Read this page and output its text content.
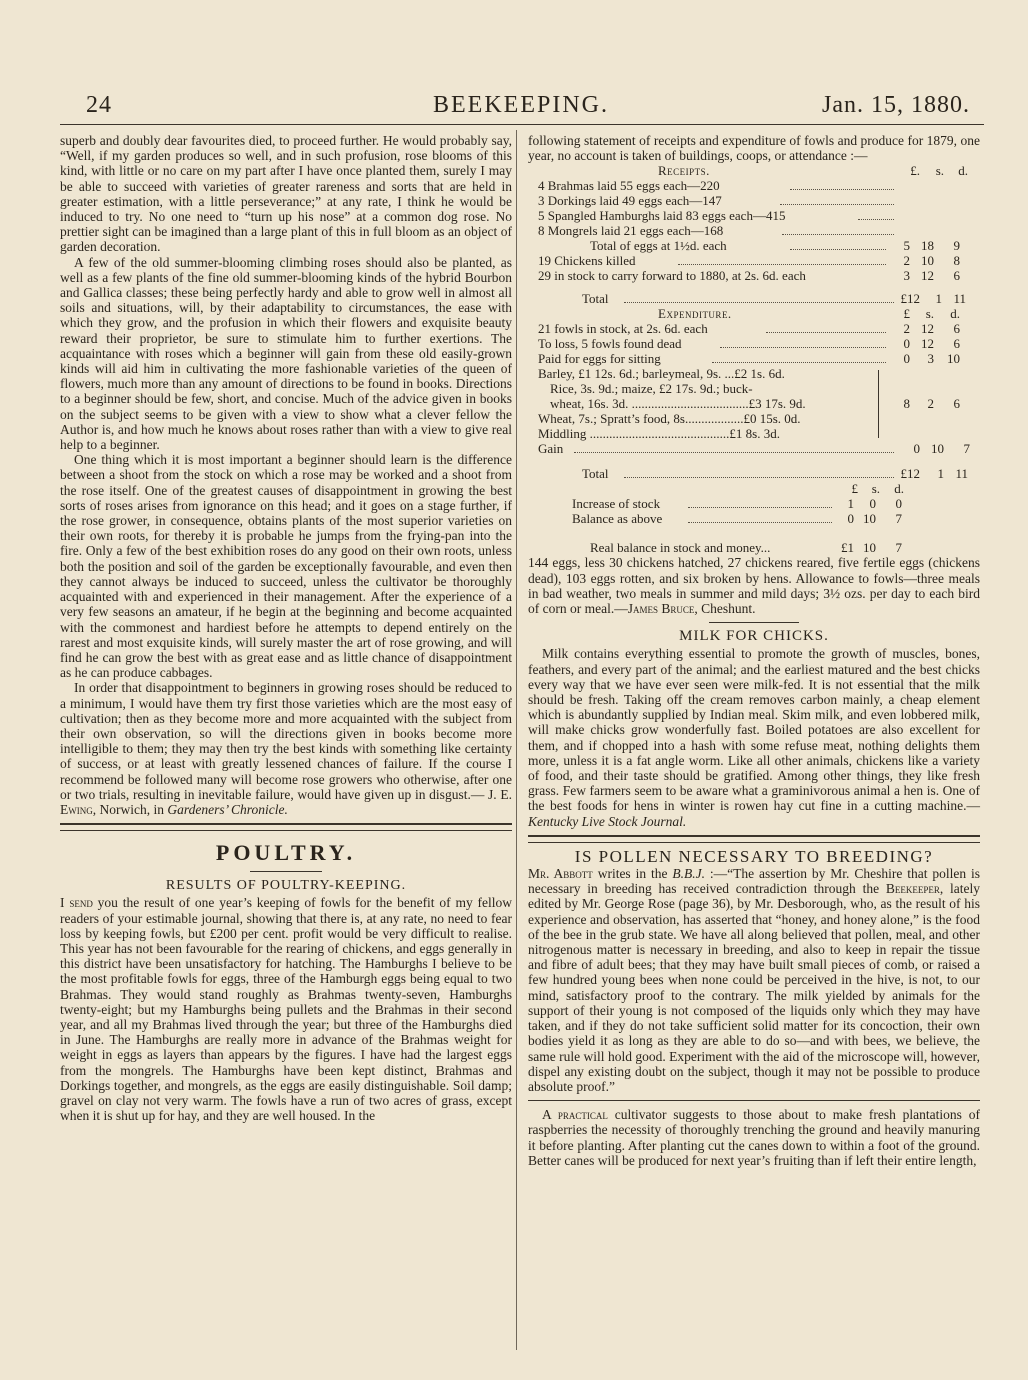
24	BEEKEEPING.	Jan. 15, 1880.

superb and doubly dear favourites died, to proceed further. He would probably say, “Well, if my garden produces so well, and in such profusion, rose blooms of this kind, with little or no care on my part after I have once planted them, surely I may be able to succeed with varieties of greater rareness and sorts that are held in greater estimation, with a little perseverance;” at any rate, I think he would be induced to try. No one need to “turn up his nose” at a common dog rose. No prettier sight can be imagined than a large plant of this in full bloom as an object of garden decoration.

A few of the old summer-blooming climbing roses should also be planted, as well as a few plants of the fine old summer-blooming kinds of the hybrid Bourbon and Gallica classes; these being perfectly hardy and able to grow well in almost all soils and situations, will, by their adaptability to circumstances, the ease with which they grow, and the profusion in which their flowers and exquisite beauty reward their proprietor, be sure to stimulate him to further exertions. The acquaintance with roses which a beginner will gain from these old easily-grown kinds will aid him in cultivating the more fashionable varieties of the queen of flowers, much more than any amount of directions to be found in books. Directions to a beginner should be few, short, and concise. Much of the advice given in books on the subject seems to be given with a view to show what a clever fellow the Author is, and how much he knows about roses rather than with a view to give real help to a beginner.

One thing which it is most important a beginner should learn is the difference between a shoot from the stock on which a rose may be worked and a shoot from the rose itself. One of the greatest causes of disappointment in growing the best sorts of roses arises from ignorance on this head; and it goes on a stage further, if the rose grower, in consequence, obtains plants of the most superior varieties on their own roots, for thereby it is probable he jumps from the frying-pan into the fire. Only a few of the best exhibition roses do any good on their own roots, unless both the position and soil of the garden be exceptionally favourable, and even then they cannot always be induced to succeed, unless the cultivator be thoroughly acquainted with and experienced in their management. After the experience of a very few seasons an amateur, if he begin at the beginning and become acquainted with the commonest and hardiest before he attempts to depend entirely on the rarest and most exquisite kinds, will surely master the art of rose growing, and will find he can grow the best with as great ease and as little chance of disappointment as he can produce cabbages.

In order that disappointment to beginners in growing roses should be reduced to a minimum, I would have them try first those varieties which are the most easy of cultivation; then as they become more and more acquainted with the subject from their own observation, so will the directions given in books become more intelligible to them; they may then try the best kinds with something like certainty of success, or at least with greatly lessened chances of failure. If the course I recommend be followed many will become rose growers who otherwise, after one or two trials, resulting in inevitable failure, would have given up in disgust.— J. E. Ewing, Norwich, in Gardeners’ Chronicle.

POULTRY.
RESULTS OF POULTRY-KEEPING.

I send you the result of one year’s keeping of fowls for the benefit of my fellow readers of your estimable journal, showing that there is, at any rate, no need to fear loss by keeping fowls, but £200 per cent. profit would be very difficult to realise. This year has not been favourable for the rearing of chickens, and eggs generally in this district have been unsatisfactory for hatching. The Hamburghs I believe to be the most profitable fowls for eggs, three of the Hamburgh eggs being equal to two Brahmas. They would stand roughly as Brahmas twenty-seven, Hamburghs twenty-eight; but my Hamburghs being pullets and the Brahmas in their second year, and all my Brahmas lived through the year; but three of the Hamburghs died in June. The Hamburghs are really more in advance of the Brahmas weight for weight in eggs as layers than appears by the figures. I have had the largest eggs from the mongrels. The Hamburghs have been kept distinct, Brahmas and Dorkings together, and mongrels, as the eggs are easily distinguishable. Soil damp; gravel on clay not very warm. The fowls have a run of two acres of grass, except when it is shut up for hay, and they are well housed. In the

following statement of receipts and expenditure of fowls and produce for 1879, one year, no account is taken of buildings, coops, or attendance :—

Receipts.	£.	s.	d.
4 Brahmas laid 55 eggs each—220
3 Dorkings laid 49 eggs each—147
5 Spangled Hamburghs laid 83 eggs each—415
8 Mongrels laid 21 eggs each—168
Total of eggs at 1½d. each	5 18	9
19 Chickens killed	2 10	8
29 in stock to carry forward to 1880, at 2s. 6d. each	3 12	6
Total	£12	1 11
Expenditure.	£	s.	d.
21 fowls in stock, at 2s. 6d. each	2 12	6
To loss, 5 fowls found dead	0 12	6
Paid for eggs for sitting	0	3	10
Barley, £1 12s. 6d.; barleymeal, 9s. ...£2 1s. 6d.
Rice, 3s. 9d.; maize, £2 17s. 9d.; buck-
wheat, 16s. 3d. ....................................£3 17s. 9d.	8	2	6
Wheat, 7s.; Spratt’s food, 8s..................£0 15s. 0d.
Middling ...........................................£1 8s. 3d.
Gain	0 10	7
Total	£12	1 11
£	s.	d.
Increase of stock	1	0	0
Balance as above	0 10	7
Real balance in stock and money...	£1 10	7

144 eggs, less 30 chickens hatched, 27 chickens reared, five fertile eggs (chickens dead), 103 eggs rotten, and six broken by hens. Allowance to fowls—three meals in bad weather, two meals in summer and mild days; 3½ ozs. per day to each bird of corn or meal.—James Bruce, Cheshunt.

MILK FOR CHICKS.

Milk contains everything essential to promote the growth of muscles, bones, feathers, and every part of the animal; and the earliest matured and the best chicks every way that we have ever seen were milk-fed. It is not essential that the milk should be fresh. Taking off the cream removes carbon mainly, a cheap element which is abundantly supplied by Indian meal. Skim milk, and even lobbered milk, will make chicks grow wonderfully fast. Boiled potatoes are also excellent for them, and if chopped into a hash with some refuse meat, nothing delights them more, unless it is a fat angle worm. Like all other animals, chickens like a variety of food, and their taste should be gratified. Among other things, they like fresh grass. Few farmers seem to be aware what a graminivorous animal a hen is. One of the best foods for hens in winter is rowen hay cut fine in a cutting machine.— Kentucky Live Stock Journal.

IS POLLEN NECESSARY TO BREEDING?

Mr. Abbott writes in the B.B.J. :—“The assertion by Mr. Cheshire that pollen is necessary in breeding has received contradiction through the Beekeeper, lately edited by Mr. George Rose (page 36), by Mr. Desborough, who, as the result of his experience and observation, has asserted that “honey, and honey alone,” is the food of the bee in the grub state. We have all along believed that pollen, meal, and other nitrogenous matter is necessary in breeding, and also to keep in repair the tissue and fibre of adult bees; that they may have built small pieces of comb, or raised a few hundred young bees when none could be perceived in the hive, is not, to our mind, satisfactory proof to the contrary. The milk yielded by animals for the support of their young is not composed of the liquids only which they may have taken, and if they do not take sufficient solid matter for its concoction, their own bodies yield it as long as they are able to do so—and with bees, we believe, the same rule will hold good. Experiment with the aid of the microscope will, however, dispel any existing doubt on the subject, though it may not be possible to produce absolute proof.”

A practical cultivator suggests to those about to make fresh plantations of raspberries the necessity of thoroughly trenching the ground and heavily manuring it before planting. After planting cut the canes down to within a foot of the ground. Better canes will be produced for next year’s fruiting than if left their entire length,
